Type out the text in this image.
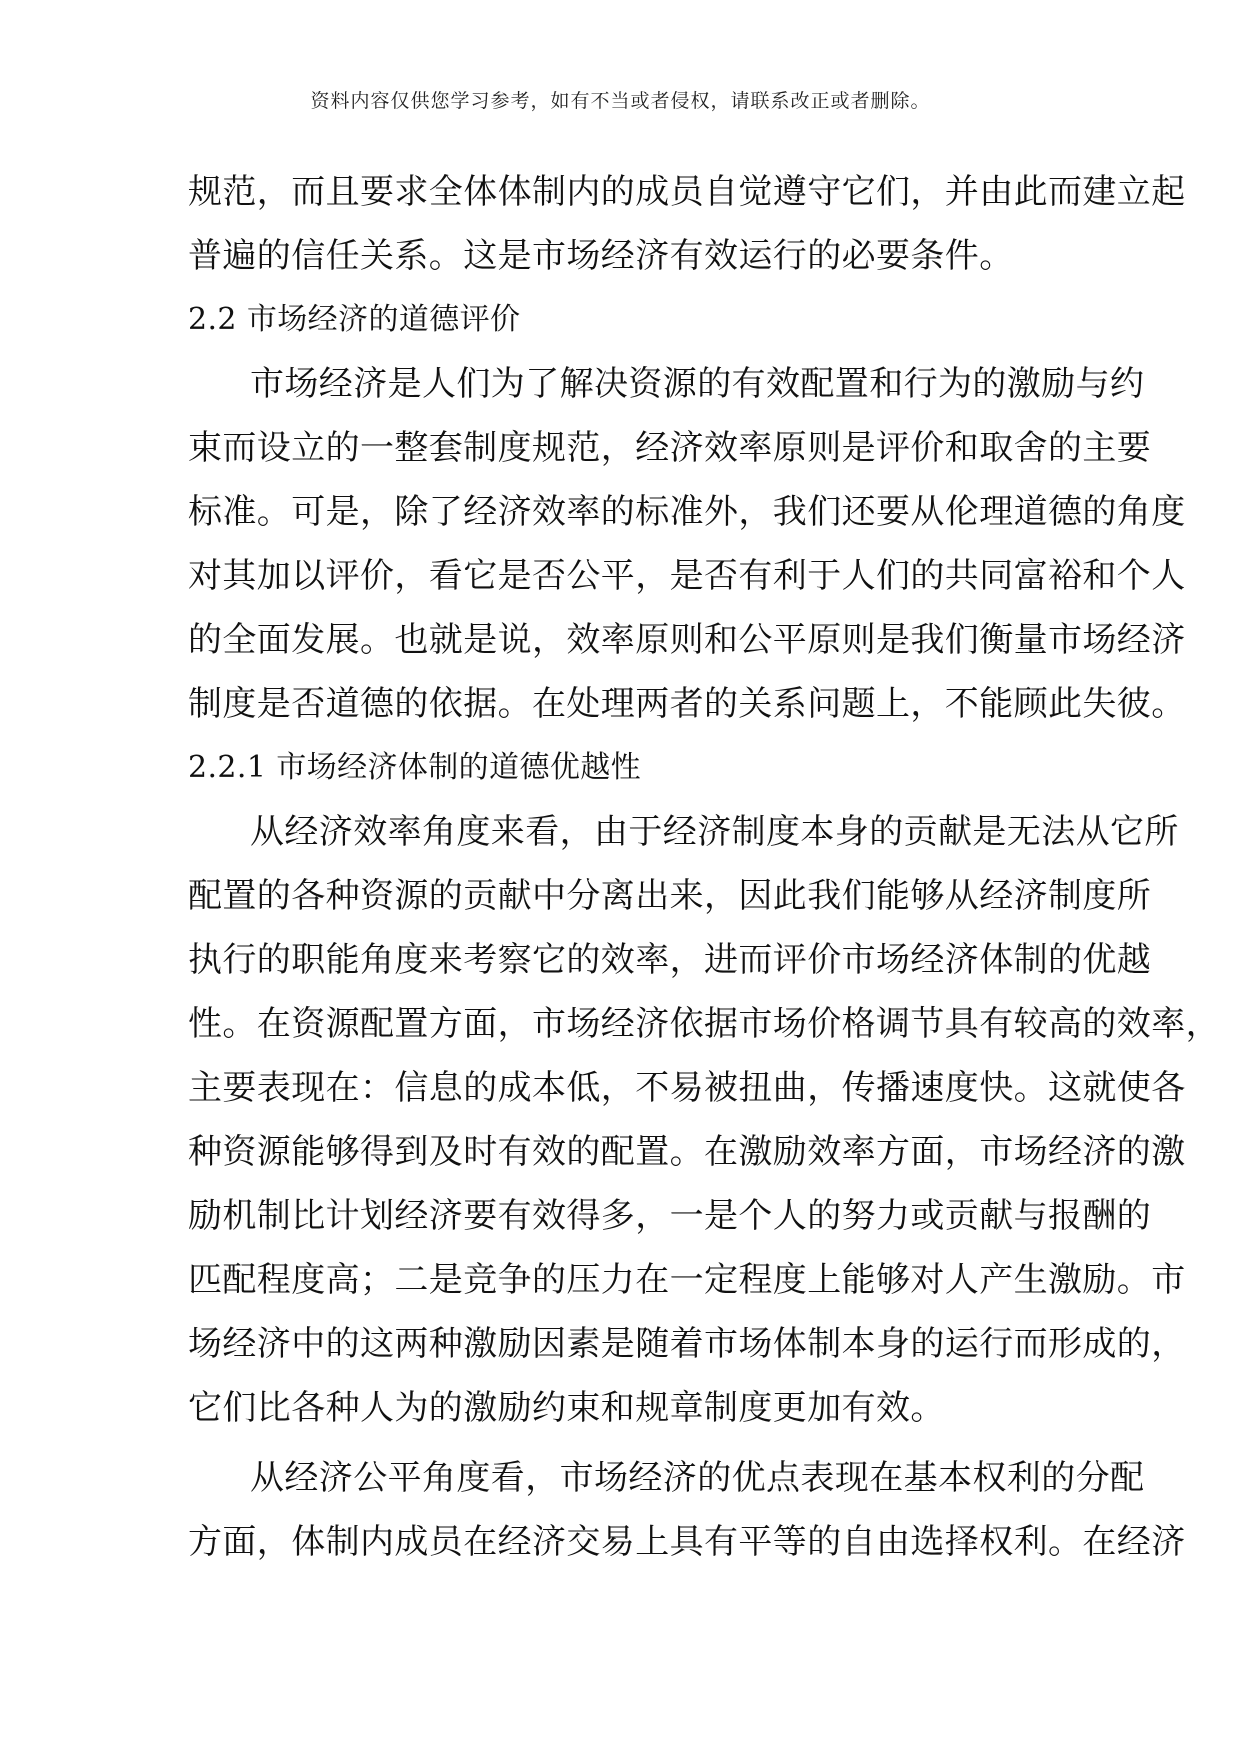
资料内容仅供您学习参考，如有不当或者侵权，请联系改正或者删除。
规范，而且要求全体体制内的成员自觉遵守它们，并由此而建立起
普遍的信任关系。这是市场经济有效运行的必要条件。
2.2 市场经济的道德评价
市场经济是人们为了解决资源的有效配置和行为的激励与约
束而设立的一整套制度规范，经济效率原则是评价和取舍的主要
标准。可是，除了经济效率的标准外，我们还要从伦理道德的角度
对其加以评价，看它是否公平，是否有利于人们的共同富裕和个人
的全面发展。也就是说，效率原则和公平原则是我们衡量市场经济
制度是否道德的依据。在处理两者的关系问题上，不能顾此失彼。
2.2.1 市场经济体制的道德优越性
从经济效率角度来看，由于经济制度本身的贡献是无法从它所
配置的各种资源的贡献中分离出来，因此我们能够从经济制度所
执行的职能角度来考察它的效率，进而评价市场经济体制的优越
性。在资源配置方面，市场经济依据市场价格调节具有较高的效率，
主要表现在：信息的成本低，不易被扭曲，传播速度快。这就使各
种资源能够得到及时有效的配置。在激励效率方面，市场经济的激
励机制比计划经济要有效得多，一是个人的努力或贡献与报酬的
匹配程度高；二是竞争的压力在一定程度上能够对人产生激励。市
场经济中的这两种激励因素是随着市场体制本身的运行而形成的，
它们比各种人为的激励约束和规章制度更加有效。
从经济公平角度看，市场经济的优点表现在基本权利的分配
方面，体制内成员在经济交易上具有平等的自由选择权利。在经济
